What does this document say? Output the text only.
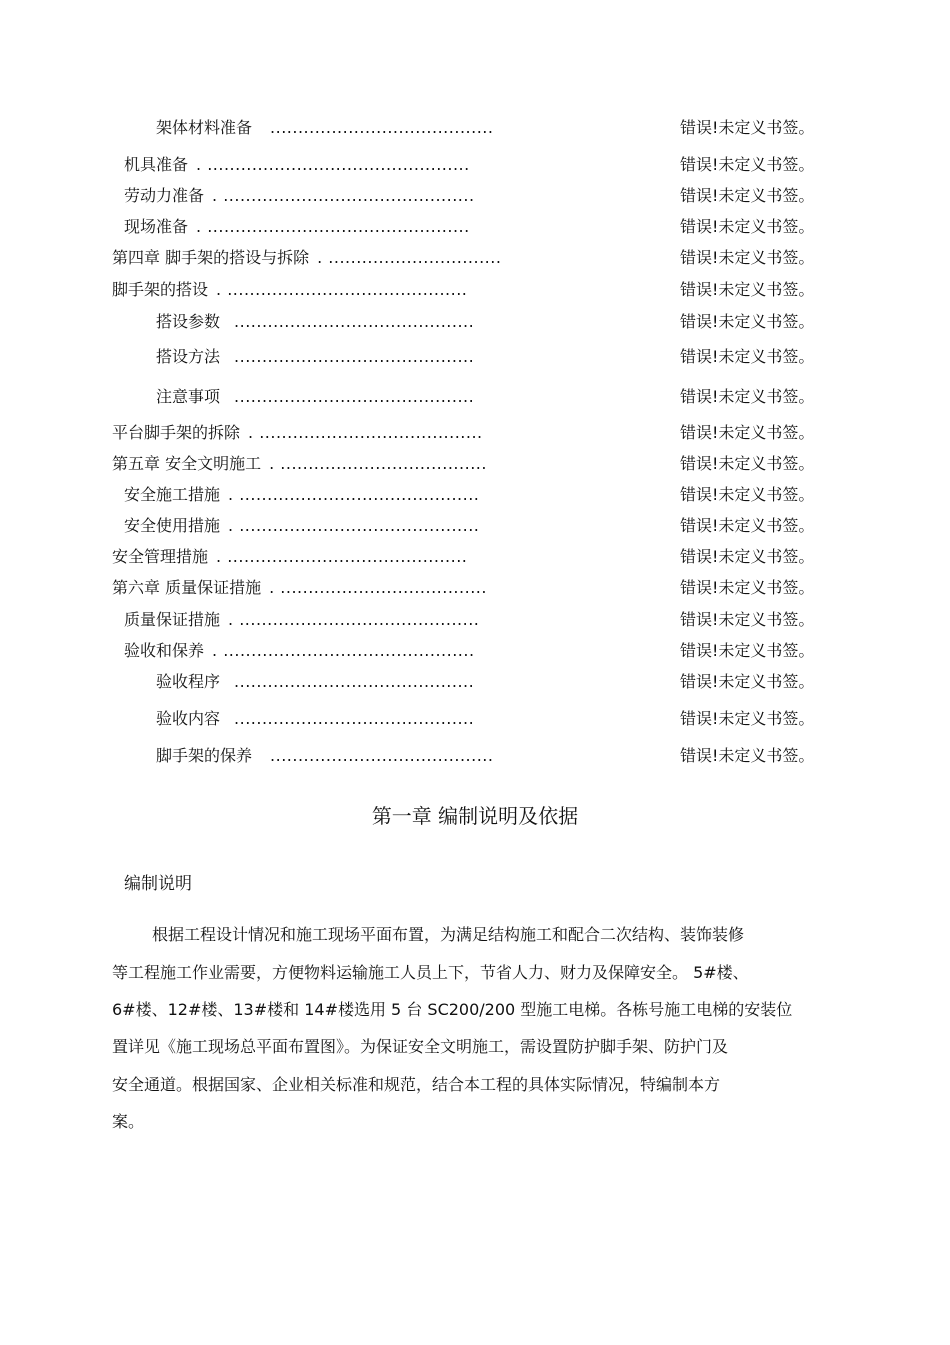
架体材料准备 ........................................	错误!未定义书签。
机具准备 . ...............................................	错误!未定义书签。
劳动力准备 . .............................................	错误!未定义书签。
现场准备 . ...............................................	错误!未定义书签。
第四章 脚手架的搭设与拆除 . ...............................	错误!未定义书签。
脚手架的搭设 . ...........................................	错误!未定义书签。
搭设参数 ...........................................	错误!未定义书签。
搭设方法 ...........................................	错误!未定义书签。
注意事项 ...........................................	错误!未定义书签。
平台脚手架的拆除 . ........................................	错误!未定义书签。
第五章 安全文明施工 . .....................................	错误!未定义书签。
安全施工措施 . ...........................................	错误!未定义书签。
安全使用措施 . ...........................................	错误!未定义书签。
安全管理措施 . ...........................................	错误!未定义书签。
第六章 质量保证措施 . .....................................	错误!未定义书签。
质量保证措施 . ...........................................	错误!未定义书签。
验收和保养 . .............................................	错误!未定义书签。
验收程序 ...........................................	错误!未定义书签。
验收内容 ...........................................	错误!未定义书签。
脚手架的保养 ........................................	错误!未定义书签。
第一章 编制说明及依据
编制说明
根据工程设计情况和施工现场平面布置，为满足结构施工和配合二次结构、装饰装修
等工程施工作业需要，方便物料运输施工人员上下，节省人力、财力及保障安全。 5#楼、
6#楼、12#楼、13#楼和 14#楼选用 5 台 SC200/200 型施工电梯。各栋号施工电梯的安装位
置详见《施工现场总平面布置图》。为保证安全文明施工，需设置防护脚手架、防护门及
安全通道。根据国家、企业相关标准和规范，结合本工程的具体实际情况，特编制本方
案。
